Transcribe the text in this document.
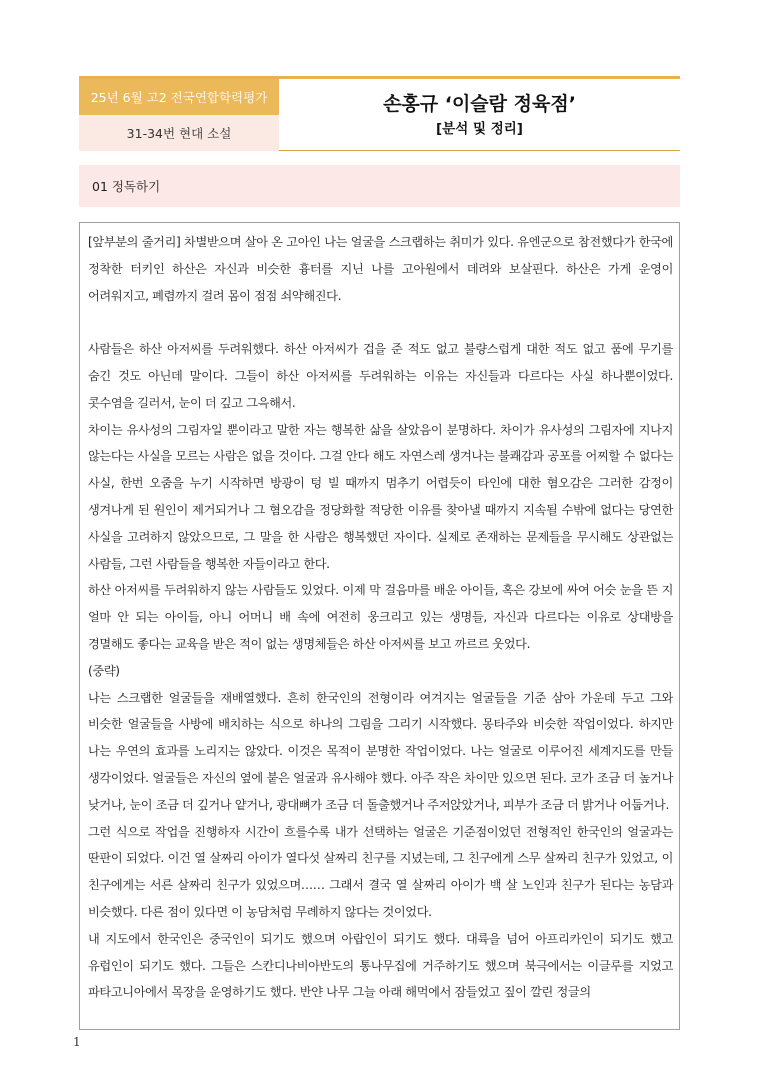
25년 6월 고2 전국연합학력평가
31-34번 현대 소설
손홍규 ‘이슬람 정육점’
[분석 및 정리]
01 정독하기

[앞부분의 줄거리] 차별받으며 살아 온 고아인 나는 얼굴을 스크랩하는 취미가 있다. 유엔군으로 참전했다가 한국에 정착한 터키인 하산은 자신과 비슷한 흉터를 지닌 나를 고아원에서 데려와 보살핀다. 하산은 가게 운영이 어려워지고, 폐렴까지 걸려 몸이 점점 쇠약해진다.

사람들은 하산 아저씨를 두려워했다. 하산 아저씨가 겁을 준 적도 없고 불량스럽게 대한 적도 없고 품에 무기를 숨긴 것도 아닌데 말이다. 그들이 하산 아저씨를 두려워하는 이유는 자신들과 다르다는 사실 하나뿐이었다. 콧수염을 길러서, 눈이 더 깊고 그윽해서.

차이는 유사성의 그림자일 뿐이라고 말한 자는 행복한 삶을 살았음이 분명하다. 차이가 유사성의 그림자에 지나지 않는다는 사실을 모르는 사람은 없을 것이다. 그걸 안다 해도 자연스레 생겨나는 불쾌감과 공포를 어찌할 수 없다는 사실, 한번 오줌을 누기 시작하면 방광이 텅 빌 때까지 멈추기 어렵듯이 타인에 대한 혐오감은 그러한 감정이 생겨나게 된 원인이 제거되거나 그 혐오감을 정당화할 적당한 이유를 찾아낼 때까지 지속될 수밖에 없다는 당연한 사실을 고려하지 않았으므로, 그 말을 한 사람은 행복했던 자이다. 실제로 존재하는 문제들을 무시해도 상관없는 사람들, 그런 사람들을 행복한 자들이라고 한다.

하산 아저씨를 두려워하지 않는 사람들도 있었다. 이제 막 걸음마를 배운 아이들, 혹은 강보에 싸여 어슷 눈을 뜬 지 얼마 안 되는 아이들, 아니 어머니 배 속에 여전히 웅크리고 있는 생명들, 자신과 다르다는 이유로 상대방을 경멸해도 좋다는 교육을 받은 적이 없는 생명체들은 하산 아저씨를 보고 까르르 웃었다.

(중략)

나는 스크랩한 얼굴들을 재배열했다. 흔히 한국인의 전형이라 여겨지는 얼굴들을 기준 삼아 가운데 두고 그와 비슷한 얼굴들을 사방에 배치하는 식으로 하나의 그림을 그리기 시작했다. 몽타주와 비슷한 작업이었다. 하지만 나는 우연의 효과를 노리지는 않았다. 이것은 목적이 분명한 작업이었다. 나는 얼굴로 이루어진 세계지도를 만들 생각이었다. 얼굴들은 자신의 옆에 붙은 얼굴과 유사해야 했다. 아주 작은 차이만 있으면 된다. 코가 조금 더 높거나 낮거나, 눈이 조금 더 깊거나 얕거나, 광대뼈가 조금 더 돌출했거나 주저앉았거나, 피부가 조금 더 밝거나 어둡거나.

그런 식으로 작업을 진행하자 시간이 흐를수록 내가 선택하는 얼굴은 기준점이었던 전형적인 한국인의 얼굴과는 딴판이 되었다. 이건 열 살짜리 아이가 열다섯 살짜리 친구를 지녔는데, 그 친구에게 스무 살짜리 친구가 있었고, 이 친구에게는 서른 살짜리 친구가 있었으며…… 그래서 결국 열 살짜리 아이가 백 살 노인과 친구가 된다는 농담과 비슷했다. 다른 점이 있다면 이 농담처럼 무례하지 않다는 것이었다.

내 지도에서 한국인은 중국인이 되기도 했으며 아랍인이 되기도 했다. 대륙을 넘어 아프리카인이 되기도 했고 유럽인이 되기도 했다. 그들은 스칸디나비아반도의 통나무집에 거주하기도 했으며 북극에서는 이글루를 지었고 파타고니아에서 목장을 운영하기도 했다. 반얀 나무 그늘 아래 해먹에서 잠들었고 짚이 깔린 정글의

1
